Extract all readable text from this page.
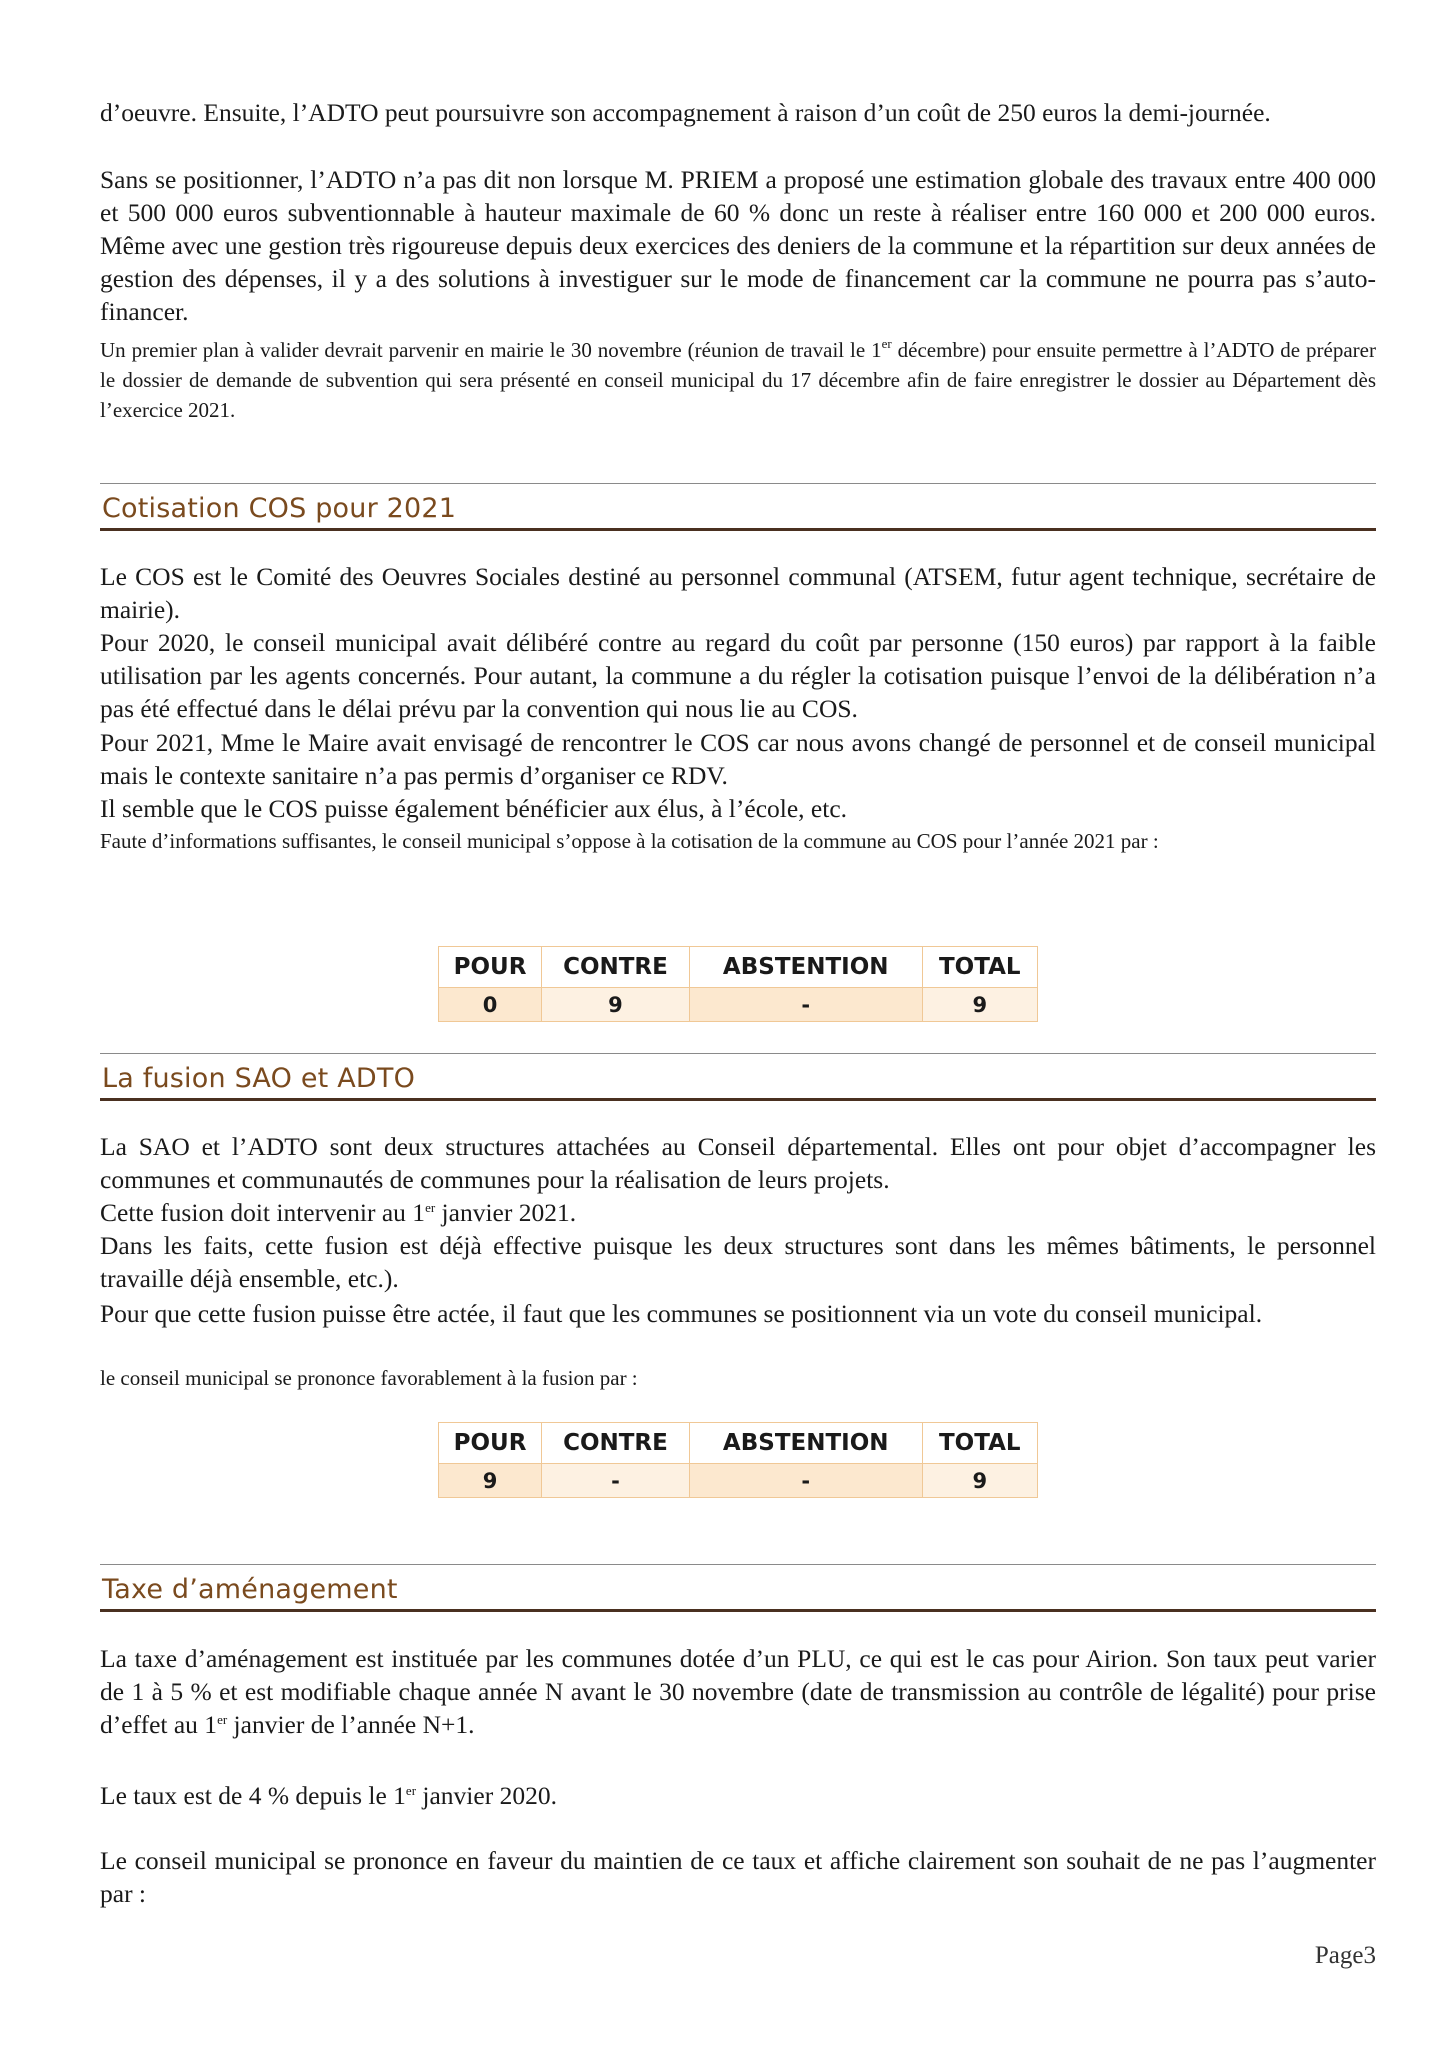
d’oeuvre. Ensuite, l’ADTO peut poursuivre son accompagnement à raison d’un coût de 250 euros la demi-journée.

Sans se positionner, l’ADTO n’a pas dit non lorsque M. PRIEM a proposé une estimation globale des travaux entre 400 000 et 500 000 euros subventionnable à hauteur maximale de 60 % donc un reste à réaliser entre 160 000 et 200 000 euros. Même avec une gestion très rigoureuse depuis deux exercices des deniers de la commune et la répartition sur deux années de gestion des dépenses, il y a des solutions à investiguer sur le mode de financement car la commune ne pourra pas s’auto-financer.

Un premier plan à valider devrait parvenir en mairie le 30 novembre (réunion de travail le 1er décembre) pour ensuite permettre à l’ADTO de préparer le dossier de demande de subvention qui sera présenté en conseil municipal du 17 décembre afin de faire enregistrer le dossier au Département dès l’exercice 2021.

Cotisation COS pour 2021

Le COS est le Comité des Oeuvres Sociales destiné au personnel communal (ATSEM, futur agent technique, secrétaire de mairie).

Pour 2020, le conseil municipal avait délibéré contre au regard du coût par personne (150 euros) par rapport à la faible utilisation par les agents concernés. Pour autant, la commune a du régler la cotisation puisque l’envoi de la délibération n’a pas été effectué dans le délai prévu par la convention qui nous lie au COS.

Pour 2021, Mme le Maire avait envisagé de rencontrer le COS car nous avons changé de personnel et de conseil municipal mais le contexte sanitaire n’a pas permis d’organiser ce RDV.

Il semble que le COS puisse également bénéficier aux élus, à l’école, etc.

Faute d’informations suffisantes, le conseil municipal s’oppose à la cotisation de la commune au COS pour l’année 2021 par :

POUR	CONTRE	ABSTENTION	TOTAL
0	9	-	9
La fusion SAO et ADTO

La SAO et l’ADTO sont deux structures attachées au Conseil départemental. Elles ont pour objet d’accompagner les communes et communautés de communes pour la réalisation de leurs projets.

Cette fusion doit intervenir au 1er janvier 2021.

Dans les faits, cette fusion est déjà effective puisque les deux structures sont dans les mêmes bâtiments, le personnel travaille déjà ensemble, etc.).

Pour que cette fusion puisse être actée, il faut que les communes se positionnent via un vote du conseil municipal.

le conseil municipal se prononce favorablement à la fusion par :

POUR	CONTRE	ABSTENTION	TOTAL
9	-	-	9
Taxe d’aménagement

La taxe d’aménagement est instituée par les communes dotée d’un PLU, ce qui est le cas pour Airion. Son taux peut varier de 1 à 5 % et est modifiable chaque année N avant le 30 novembre (date de transmission au contrôle de légalité) pour prise d’effet au 1er janvier de l’année N+1.

Le taux est de 4 % depuis le 1er janvier 2020.

Le conseil municipal se prononce en faveur du maintien de ce taux et affiche clairement son souhait de ne pas l’augmenter par :

Page3
